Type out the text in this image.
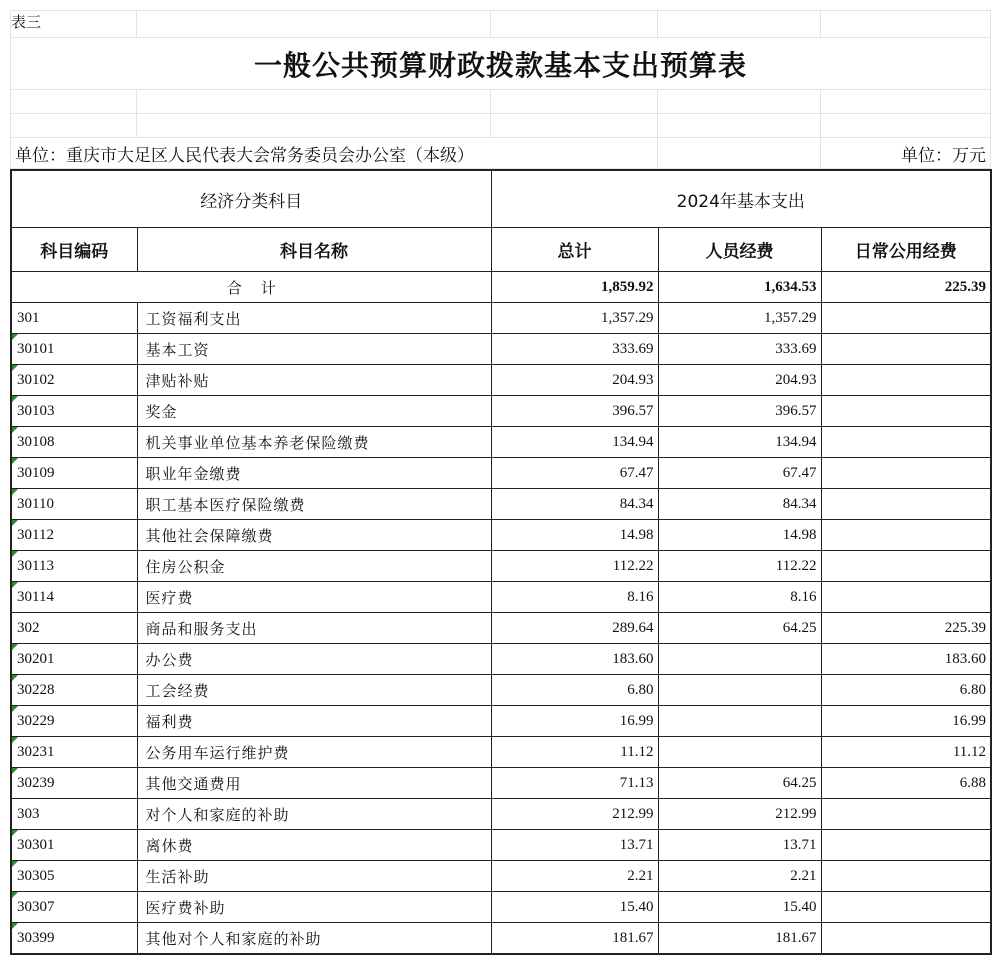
表三				
一般公共预算财政拨款基本支出预算表				

单位：重庆市大足区人民代表大会常务委员会办公室（本级）				单位：万元
经济分类科目		2024年基本支出		
科目编码	科目名称	总计	人员经费	日常公用经费
合    计		1,859.92	1,634.53	225.39
301	工资福利支出	1,357.29	1,357.29	
30101	基本工资	333.69	333.69	
30102	津贴补贴	204.93	204.93	
30103	奖金	396.57	396.57	
30108	机关事业单位基本养老保险缴费	134.94	134.94	
30109	职业年金缴费	67.47	67.47	
30110	职工基本医疗保险缴费	84.34	84.34	
30112	其他社会保障缴费	14.98	14.98	
30113	住房公积金	112.22	112.22	
30114	医疗费	8.16	8.16	
302	商品和服务支出	289.64	64.25	225.39
30201	办公费	183.60		183.60
30228	工会经费	6.80		6.80
30229	福利费	16.99		16.99
30231	公务用车运行维护费	11.12		11.12
30239	其他交通费用	71.13	64.25	6.88
303	对个人和家庭的补助	212.99	212.99	
30301	离休费	13.71	13.71	
30305	生活补助	2.21	2.21	
30307	医疗费补助	15.40	15.40	
30399	其他对个人和家庭的补助	181.67	181.67	
